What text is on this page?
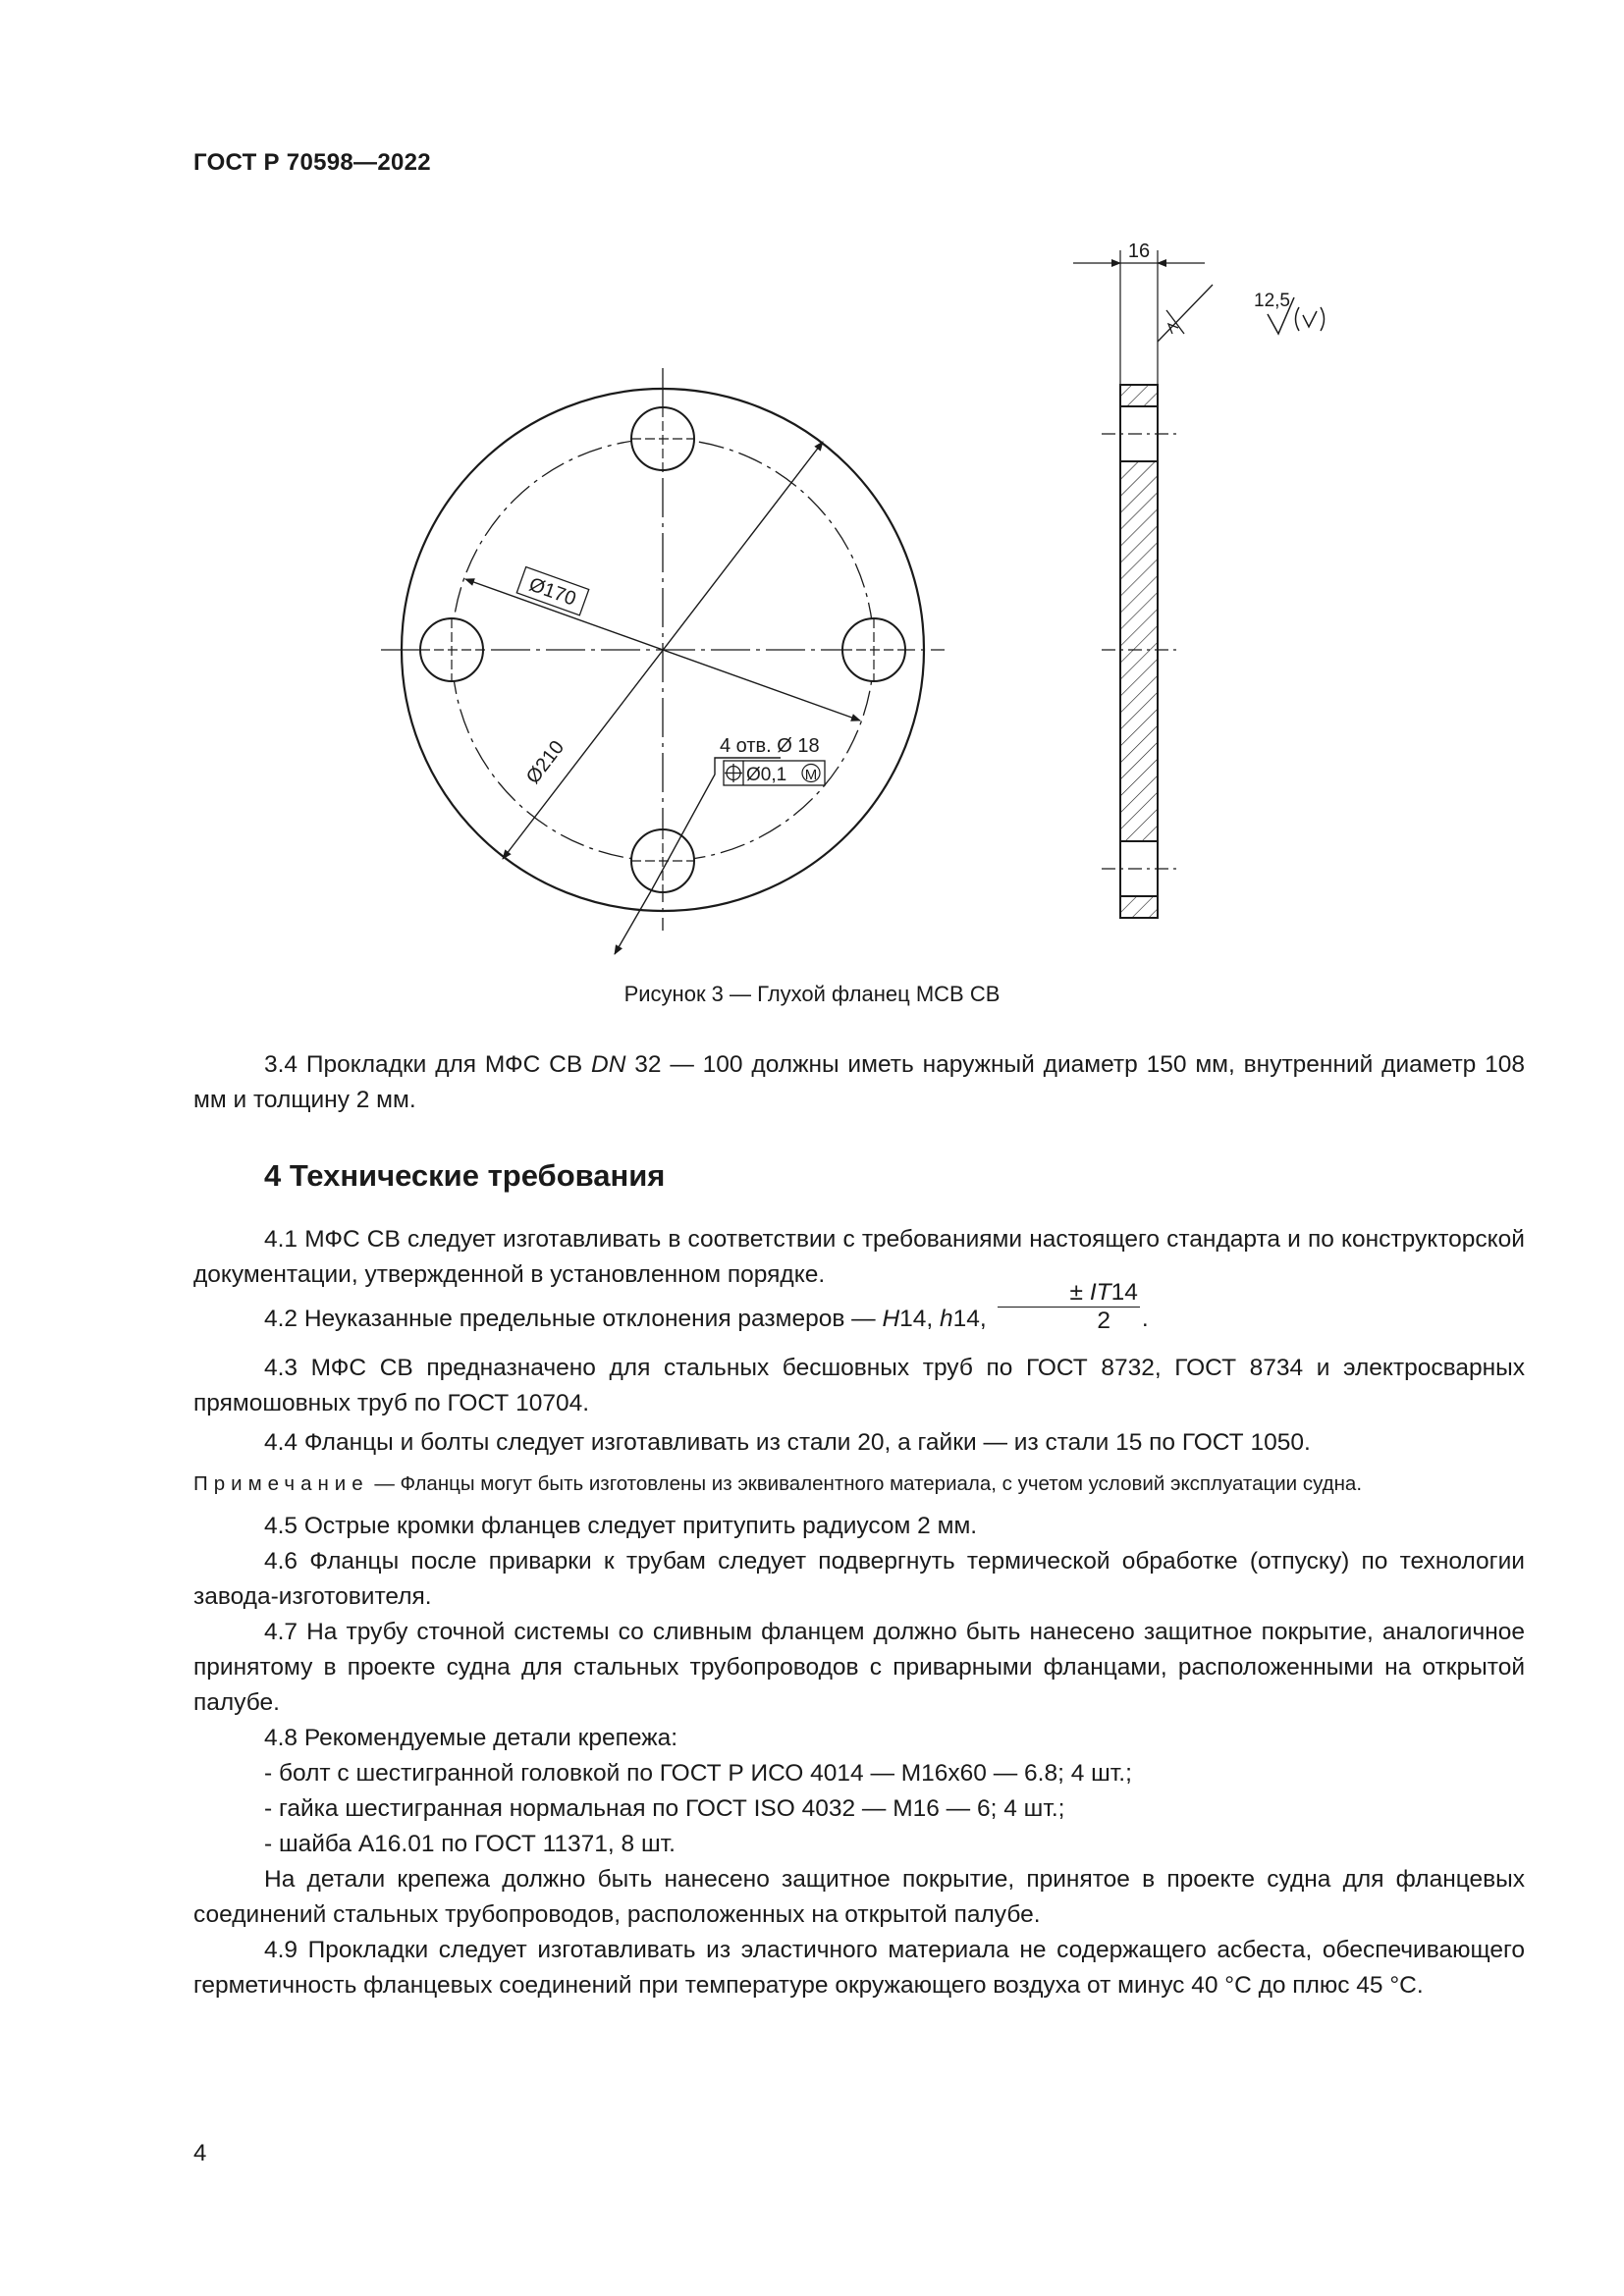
ГОСТ Р 70598—2022
Ø170
Ø210	4 отв. Ø 18
Ø0,1 M
16
12,5
Рисунок 3 — Глухой фланец МСВ СВ

3.4 Прокладки для МФС СВ DN 32 — 100 должны иметь наружный диаметр 150 мм, внутренний диаметр 108 мм и толщину 2 мм.

4 Технические требования

4.1 МФС СВ следует изготавливать в соответствии с требованиями настоящего стандарта и по конструкторской документации, утвержденной в установленном порядке.

4.2 Неуказанные предельные отклонения размеров — H14, h14, $\frac{\pm IT14}{2}$ .

4.3 МФС СВ предназначено для стальных бесшовных труб по ГОСТ 8732, ГОСТ 8734 и электросварных прямошовных труб по ГОСТ 10704.

4.4 Фланцы и болты следует изготавливать из стали 20, а гайки — из стали 15 по ГОСТ 1050.

Примечание — Фланцы могут быть изготовлены из эквивалентного материала, с учетом условий эксплуатации судна.

4.5 Острые кромки фланцев следует притупить радиусом 2 мм.

4.6 Фланцы после приварки к трубам следует подвергнуть термической обработке (отпуску) по технологии завода-изготовителя.

4.7 На трубу сточной системы со сливным фланцем должно быть нанесено защитное покрытие, аналогичное принятому в проекте судна для стальных трубопроводов с приварными фланцами, расположенными на открытой палубе.

4.8 Рекомендуемые детали крепежа:

- болт с шестигранной головкой по ГОСТ Р ИСО 4014 — M16х60 — 6.8; 4 шт.;

- гайка шестигранная нормальная по ГОСТ ISO 4032 — M16 — 6; 4 шт.;

- шайба A16.01 по ГОСТ 11371, 8 шт.

На детали крепежа должно быть нанесено защитное покрытие, принятое в проекте судна для фланцевых соединений стальных трубопроводов, расположенных на открытой палубе.

4.9 Прокладки следует изготавливать из эластичного материала не содержащего асбеста, обеспечивающего герметичность фланцевых соединений при температуре окружающего воздуха от минус 40 °С до плюс 45 °С.

4
